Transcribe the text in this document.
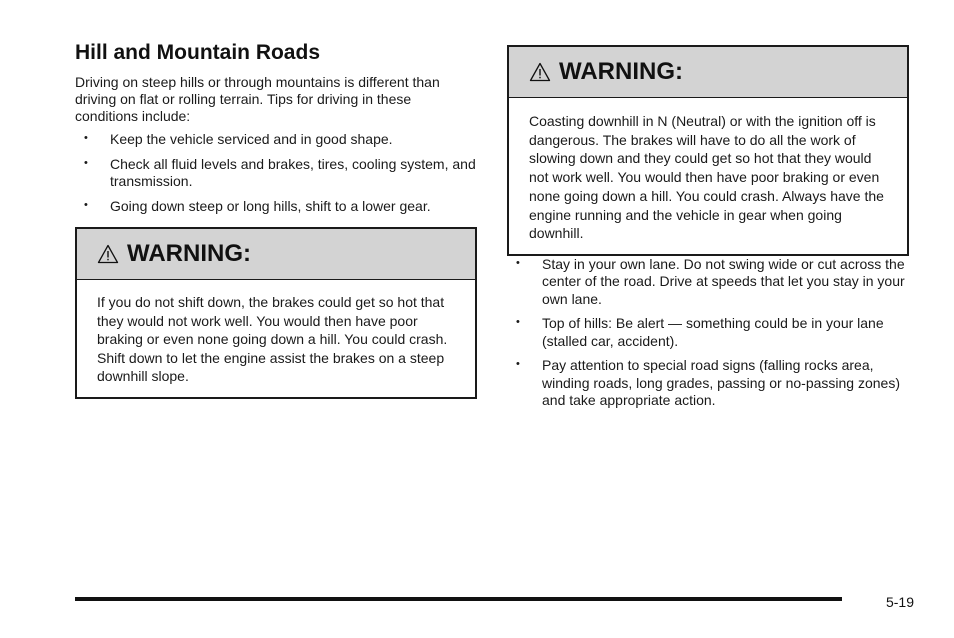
Hill and Mountain Roads

Driving on steep hills or through mountains is different than driving on flat or rolling terrain. Tips for driving in these conditions include:

• Keep the vehicle serviced and in good shape.
• Check all fluid levels and brakes, tires, cooling system, and transmission.
• Going down steep or long hills, shift to a lower gear.
WARNING:
If you do not shift down, the brakes could get so hot that they would not work well. You would then have poor braking or even none going down a hill. You could crash. Shift down to let the engine assist the brakes on a steep downhill slope.
WARNING:
Coasting downhill in N (Neutral) or with the ignition off is dangerous. The brakes will have to do all the work of slowing down and they could get so hot that they would not work well. You would then have poor braking or even none going down a hill. You could crash. Always have the engine running and the vehicle in gear when going downhill.
• Stay in your own lane. Do not swing wide or cut across the center of the road. Drive at speeds that let you stay in your own lane.
• Top of hills: Be alert — something could be in your lane (stalled car, accident).
• Pay attention to special road signs (falling rocks area, winding roads, long grades, passing or no-passing zones) and take appropriate action.
5-19
